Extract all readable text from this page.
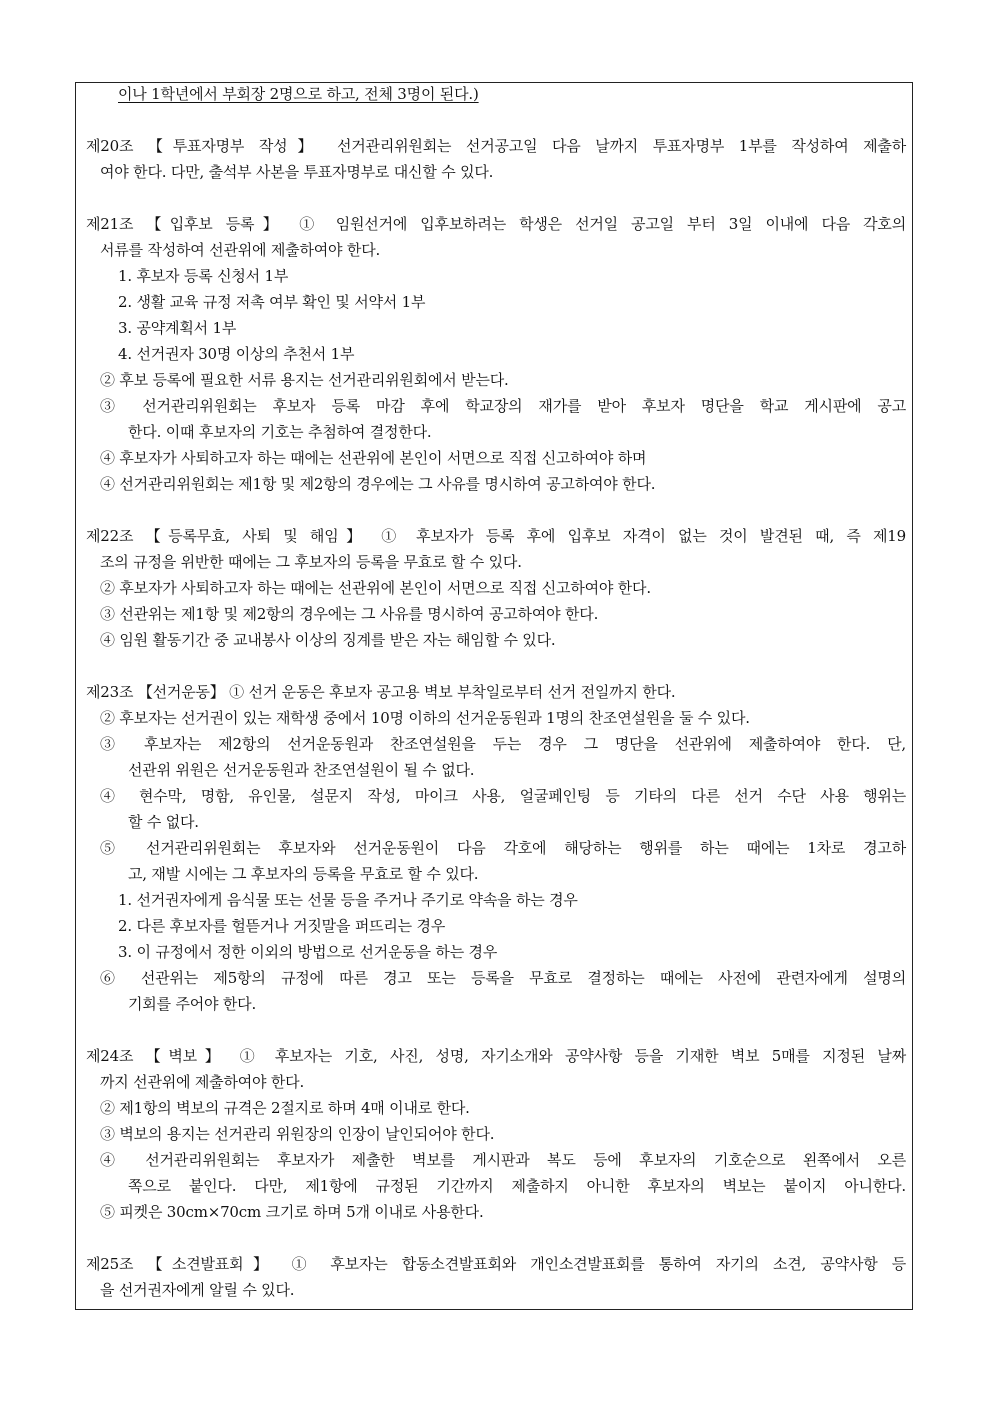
이나 1학년에서 부회장 2명으로 하고, 전체 3명이 된다.)
제20조 【투표자명부 작성】 선거관리위원회는 선거공고일 다음 날까지 투표자명부 1부를 작성하여 제출하
여야 한다. 다만, 출석부 사본을 투표자명부로 대신할 수 있다.
제21조 【입후보 등록】 ① 임원선거에 입후보하려는 학생은 선거일 공고일 부터 3일 이내에 다음 각호의
서류를 작성하여 선관위에 제출하여야 한다.
1. 후보자 등록 신청서 1부
2. 생활 교육 규정 저촉 여부 확인 및 서약서 1부
3. 공약계획서 1부
4. 선거권자 30명 이상의 추천서 1부
② 후보 등록에 필요한 서류 용지는 선거관리위원회에서 받는다.
③ 선거관리위원회는 후보자 등록 마감 후에 학교장의 재가를 받아 후보자 명단을 학교 게시판에 공고
한다. 이때 후보자의 기호는 추첨하여 결정한다.
④ 후보자가 사퇴하고자 하는 때에는 선관위에 본인이 서면으로 직접 신고하여야 하며
④ 선거관리위원회는 제1항 및 제2항의 경우에는 그 사유를 명시하여 공고하여야 한다.
제22조 【등록무효, 사퇴 및 해임】 ① 후보자가 등록 후에 입후보 자격이 없는 것이 발견된 때, 즉 제19
조의 규정을 위반한 때에는 그 후보자의 등록을 무효로 할 수 있다.
② 후보자가 사퇴하고자 하는 때에는 선관위에 본인이 서면으로 직접 신고하여야 한다.
③ 선관위는 제1항 및 제2항의 경우에는 그 사유를 명시하여 공고하여야 한다.
④ 임원 활동기간 중 교내봉사 이상의 징계를 받은 자는 해임할 수 있다.
제23조 【선거운동】 ① 선거 운동은 후보자 공고용 벽보 부착일로부터 선거 전일까지 한다.
② 후보자는 선거권이 있는 재학생 중에서 10명 이하의 선거운동원과 1명의 찬조연설원을 둘 수 있다.
③ 후보자는 제2항의 선거운동원과 찬조연설원을 두는 경우 그 명단을 선관위에 제출하여야 한다. 단,
선관위 위원은 선거운동원과 찬조연설원이 될 수 없다.
④ 현수막, 명함, 유인물, 설문지 작성, 마이크 사용, 얼굴페인팅 등 기타의 다른 선거 수단 사용 행위는
할 수 없다.
⑤ 선거관리위원회는 후보자와 선거운동원이 다음 각호에 해당하는 행위를 하는 때에는 1차로 경고하
고, 재발 시에는 그 후보자의 등록을 무효로 할 수 있다.
1. 선거권자에게 음식물 또는 선물 등을 주거나 주기로 약속을 하는 경우
2. 다른 후보자를 헐뜯거나 거짓말을 퍼뜨리는 경우
3. 이 규정에서 정한 이외의 방법으로 선거운동을 하는 경우
⑥ 선관위는 제5항의 규정에 따른 경고 또는 등록을 무효로 결정하는 때에는 사전에 관련자에게 설명의
기회를 주어야 한다.
제24조 【벽보】 ① 후보자는 기호, 사진, 성명, 자기소개와 공약사항 등을 기재한 벽보 5매를 지정된 날짜
까지 선관위에 제출하여야 한다.
② 제1항의 벽보의 규격은 2절지로 하며 4매 이내로 한다.
③ 벽보의 용지는 선거관리 위원장의 인장이 날인되어야 한다.
④ 선거관리위원회는 후보자가 제출한 벽보를 게시판과 복도 등에 후보자의 기호순으로 왼쪽에서 오른
쪽으로 붙인다. 다만, 제1항에 규정된 기간까지 제출하지 아니한 후보자의 벽보는 붙이지 아니한다.
⑤ 피켓은 30cm×70cm 크기로 하며 5개 이내로 사용한다.
제25조 【소견발표회】 ① 후보자는 합동소견발표회와 개인소견발표회를 통하여 자기의 소견, 공약사항 등
을 선거권자에게 알릴 수 있다.
